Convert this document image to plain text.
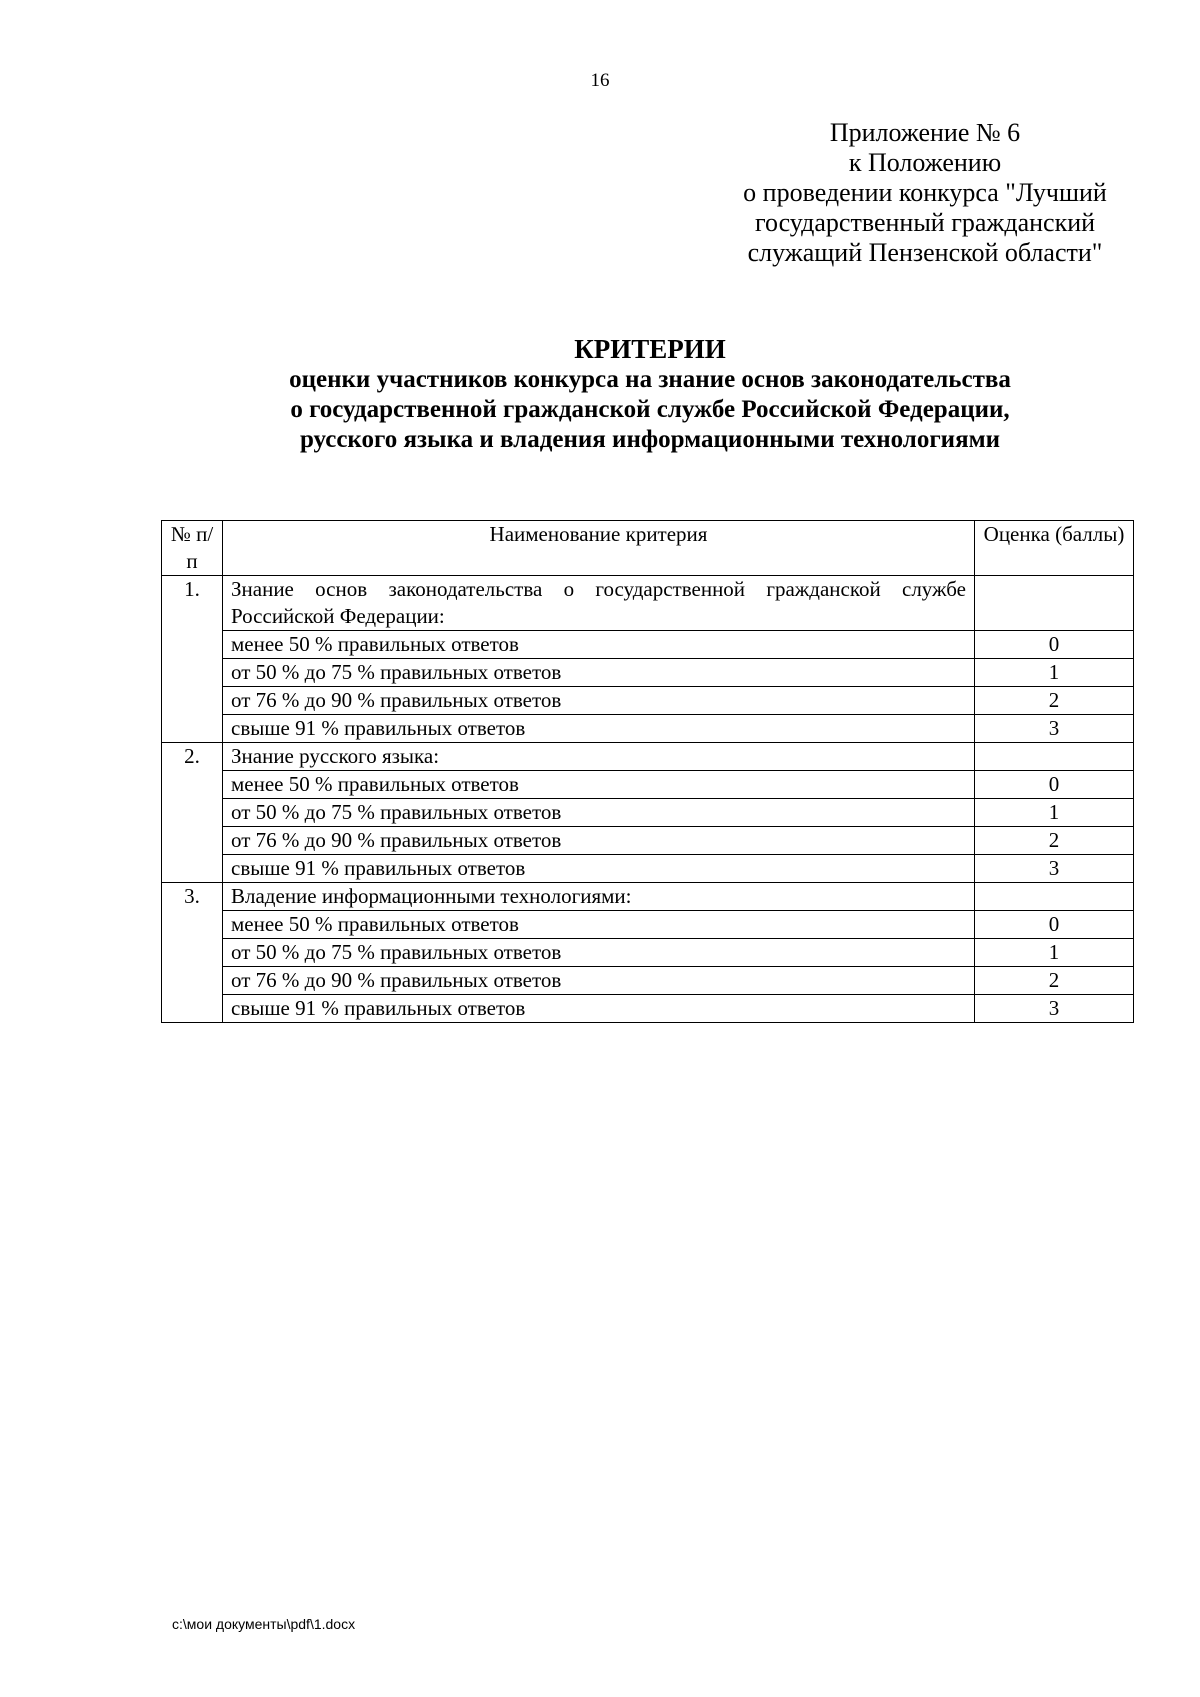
16
Приложение № 6
к Положению
о проведении конкурса "Лучший
государственный гражданский
служащий Пензенской области"
КРИТЕРИИ
оценки участников конкурса на знание основ законодательства
о государственной гражданской службе Российской Федерации,
русского языка и владения информационными технологиями
№ п/п	Наименование критерия	Оценка (баллы)
1.	Знание основ законодательства о государственной гражданской службе Российской Федерации:	
	менее 50 % правильных ответов	0
	от 50 % до 75 % правильных ответов	1
	от 76 % до 90 % правильных ответов	2
	свыше 91 % правильных ответов	3
2.	Знание русского языка:	
	менее 50 % правильных ответов	0
	от 50 % до 75 % правильных ответов	1
	от 76 % до 90 % правильных ответов	2
	свыше 91 % правильных ответов	3
3.	Владение информационными технологиями:	
	менее 50 % правильных ответов	0
	от 50 % до 75 % правильных ответов	1
	от 76 % до 90 % правильных ответов	2
	свыше 91 % правильных ответов	3
c:\мои документы\pdf\1.docx
